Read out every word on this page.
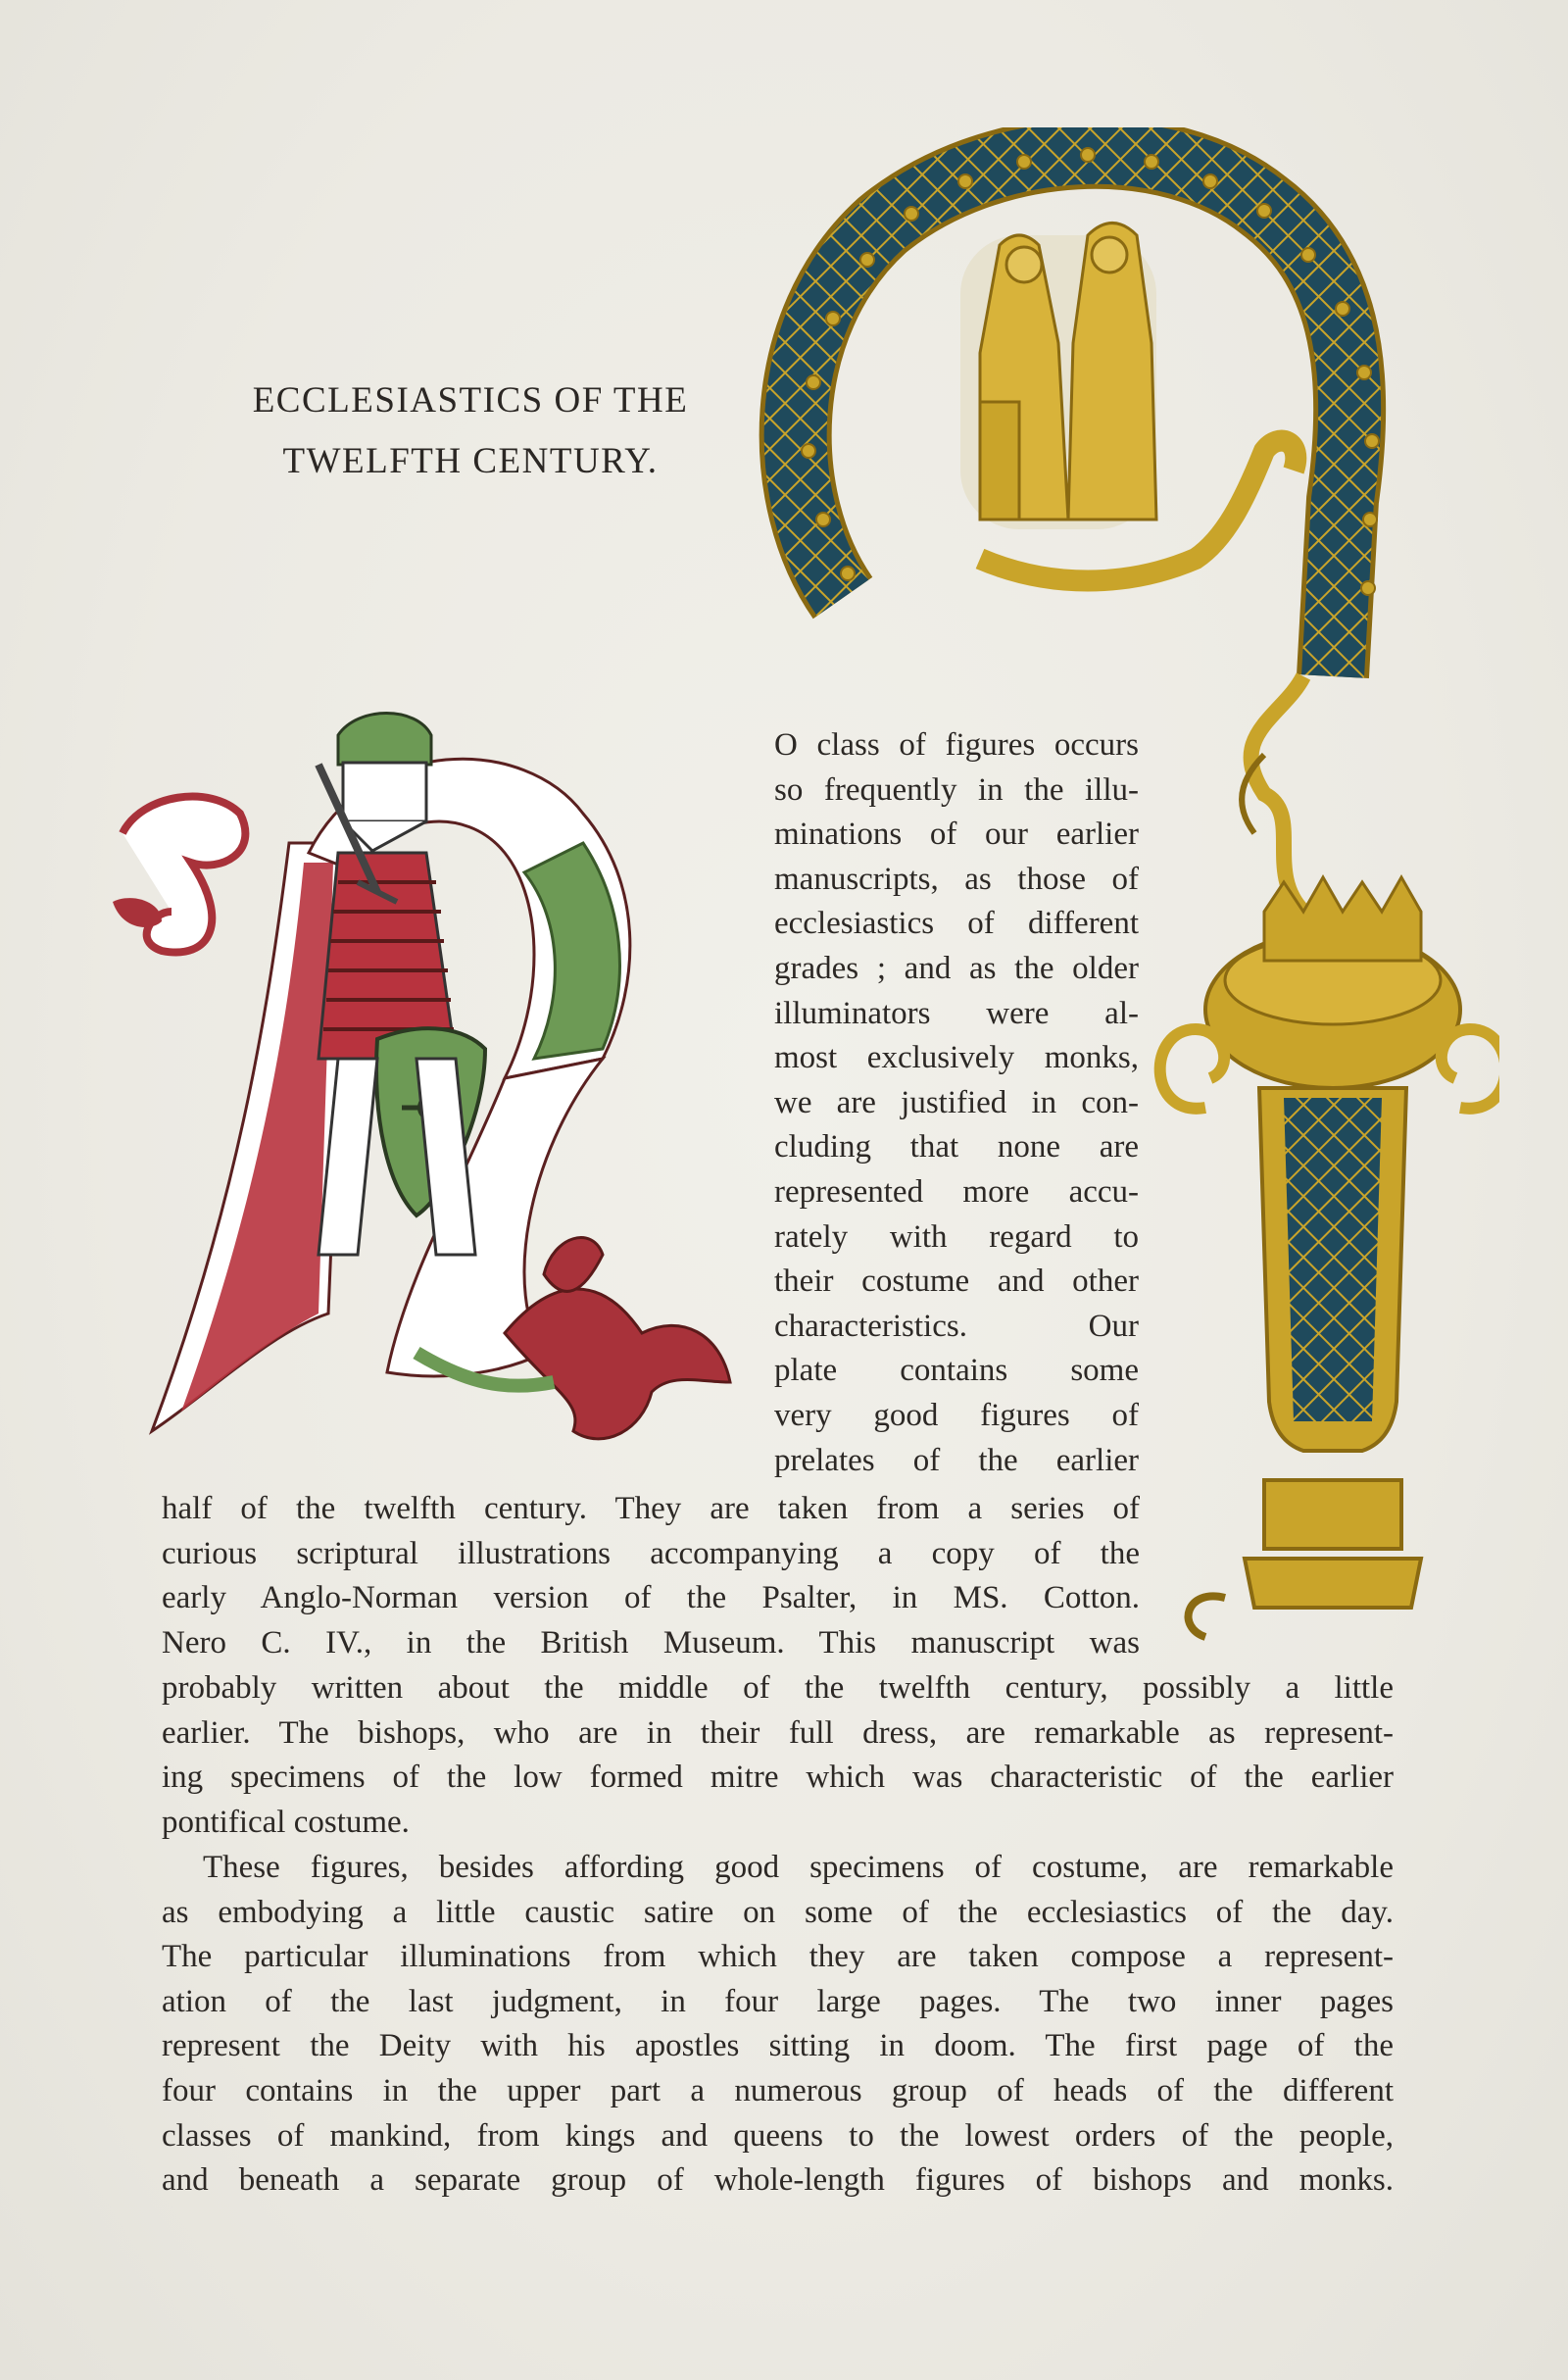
ECCLESIASTICS OF THE
TWELFTH CENTURY.
O class of figures occurs
so frequently in the illu-
minations of our earlier
manuscripts, as those of
ecclesiastics of different
grades ; and as the older
illuminators were al-
most exclusively monks,
we are justified in con-
cluding that none are
represented more accu-
rately with regard to
their costume and other
characteristics. Our
plate contains some
very good figures of
prelates of the earlier
half of the twelfth century. They are taken from a series of
curious scriptural illustrations accompanying a copy of the
early Anglo-Norman version of the Psalter, in MS. Cotton.
Nero C. IV., in the British Museum. This manuscript was
probably written about the middle of the twelfth century, possibly a little
earlier. The bishops, who are in their full dress, are remarkable as represent-
ing specimens of the low formed mitre which was characteristic of the earlier
pontifical costume.
These figures, besides affording good specimens of costume, are remarkable
as embodying a little caustic satire on some of the ecclesiastics of the day.
The particular illuminations from which they are taken compose a represent-
ation of the last judgment, in four large pages. The two inner pages
represent the Deity with his apostles sitting in doom. The first page of the
four contains in the upper part a numerous group of heads of the different
classes of mankind, from kings and queens to the lowest orders of the people,
and beneath a separate group of whole-length figures of bishops and monks.
